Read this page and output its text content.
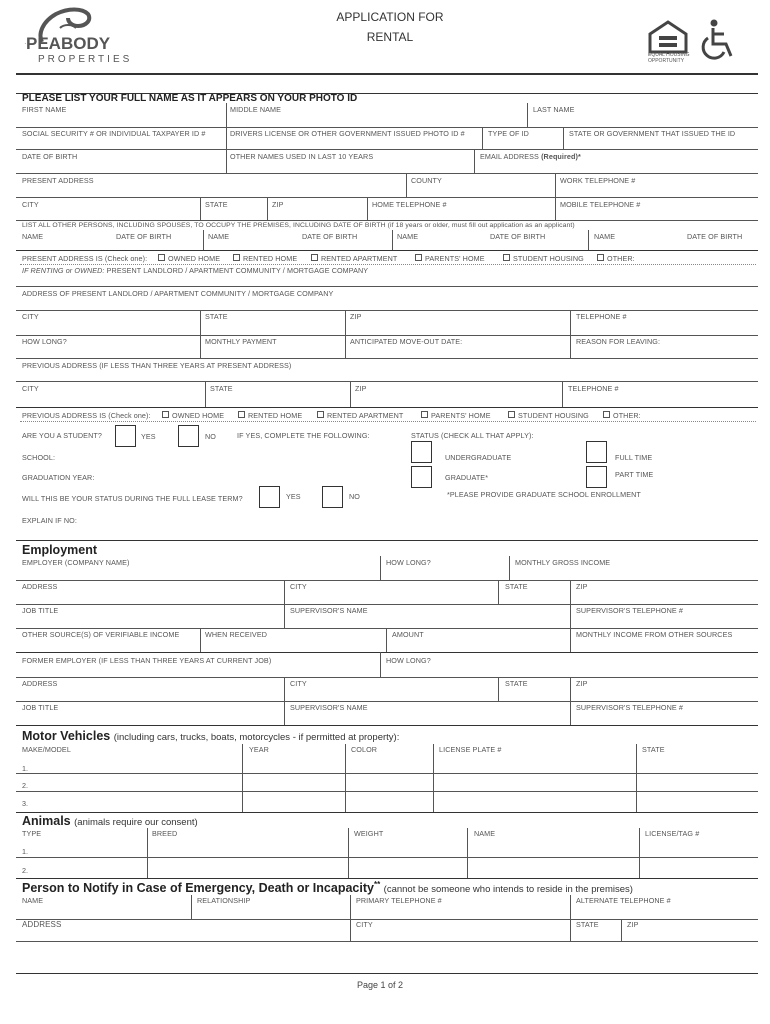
PEABODY
PROPERTIES
APPLICATION FOR
RENTAL
EQUAL HOUSING
OPPORTUNITY
PLEASE LIST YOUR FULL NAME AS IT APPEARS ON YOUR PHOTO ID
FIRST NAME	MIDDLE NAME	LAST NAME
SOCIAL SECURITY # OR INDIVIDUAL TAXPAYER ID #	DRIVERS LICENSE OR OTHER GOVERNMENT ISSUED PHOTO ID #	TYPE OF ID	STATE OR GOVERNMENT THAT ISSUED THE ID
DATE OF BIRTH	OTHER NAMES USED IN LAST 10 YEARS	EMAIL ADDRESS (Required)*
PRESENT ADDRESS	COUNTY	WORK TELEPHONE #
CITY	STATE	ZIP	HOME TELEPHONE #	MOBILE TELEPHONE #
LIST ALL OTHER PERSONS, INCLUDING SPOUSES, TO OCCUPY THE PREMISES, INCLUDING DATE OF BIRTH (if 18 years or older, must fill out application as an applicant)
NAME	DATE OF BIRTH	NAME	DATE OF BIRTH	NAME	DATE OF BIRTH	NAME	DATE OF BIRTH
PRESENT ADDRESS IS (Check one):	OWNED HOME	RENTED HOME	RENTED APARTMENT	PARENTS' HOME	STUDENT HOUSING	OTHER:
IF RENTING or OWNED: PRESENT LANDLORD / APARTMENT COMMUNITY / MORTGAGE COMPANY
ADDRESS OF PRESENT LANDLORD / APARTMENT COMMUNITY / MORTGAGE COMPANY
CITY	STATE	ZIP	TELEPHONE #
HOW LONG?	MONTHLY PAYMENT	ANTICIPATED MOVE-OUT DATE:	REASON FOR LEAVING:
PREVIOUS ADDRESS (IF LESS THAN THREE YEARS AT PRESENT ADDRESS)
CITY	STATE	ZIP	TELEPHONE #
PREVIOUS ADDRESS IS (Check one):	OWNED HOME	RENTED HOME	RENTED APARTMENT	PARENTS' HOME	STUDENT HOUSING	OTHER:
ARE YOU A STUDENT?	YES	NO	IF YES, COMPLETE THE FOLLOWING:	STATUS (CHECK ALL THAT APPLY):
SCHOOL:	UNDERGRADUATE	FULL TIME
GRADUATION YEAR:	GRADUATE*	PART TIME
WILL THIS BE YOUR STATUS DURING THE FULL LEASE TERM?	YES	NO	*PLEASE PROVIDE GRADUATE SCHOOL ENROLLMENT
EXPLAIN IF NO:
Employment
EMPLOYER (COMPANY NAME)	HOW LONG?	MONTHLY GROSS INCOME
ADDRESS	CITY	STATE	ZIP
JOB TITLE	SUPERVISOR'S NAME	SUPERVISOR'S TELEPHONE #
OTHER SOURCE(S) OF VERIFIABLE INCOME	WHEN RECEIVED	AMOUNT	MONTHLY INCOME FROM OTHER SOURCES
FORMER EMPLOYER (IF LESS THAN THREE YEARS AT CURRENT JOB)	HOW LONG?
ADDRESS	CITY	STATE	ZIP
JOB TITLE	SUPERVISOR'S NAME	SUPERVISOR'S TELEPHONE #
Motor Vehicles (including cars, trucks, boats, motorcycles - if permitted at property):
MAKE/MODEL	YEAR	COLOR	LICENSE PLATE #	STATE
1.
2.
3.
Animals (animals require our consent)
TYPE	BREED	WEIGHT	NAME	LICENSE/TAG #
1.
2.
Person to Notify in Case of Emergency, Death or Incapacity** (cannot be someone who intends to reside in the premises)
NAME	RELATIONSHIP	PRIMARY TELEPHONE #	ALTERNATE TELEPHONE #
ADDRESS	CITY	STATE	ZIP
Page 1 of 2
